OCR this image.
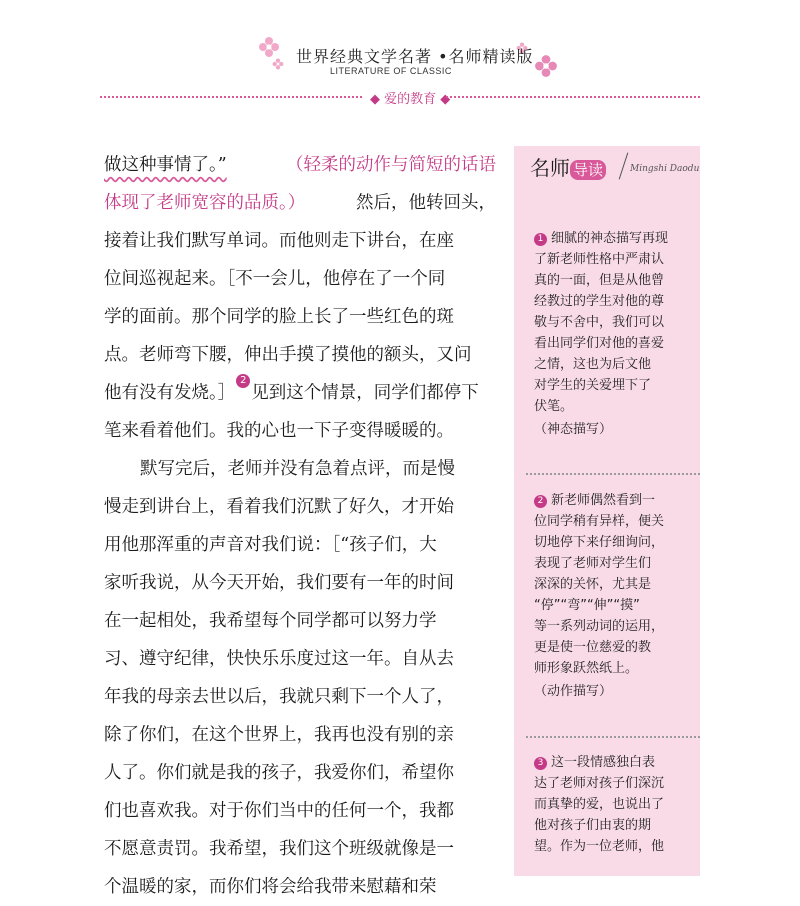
世界经典文学名著 •名师精读版
LITERATURE OF CLASSIC
◆ 爱的教育 ◆
做这种事情了。”	（轻柔的动作与简短的话语
体现了老师宽容的品质。）	然后，他转回头，
接着让我们默写单词。而他则走下讲台，在座
位间巡视起来。［不一会儿，他停在了一个同
学的面前。那个同学的脸上长了一些红色的斑
点。老师弯下腰，伸出手摸了摸他的额头，又问
他有没有发烧。］
2
见到这个情景，同学们都停下
笔来看着他们。我的心也一下子变得暖暖的。
默写完后，老师并没有急着点评，而是慢
慢走到讲台上，看着我们沉默了好久，才开始
用他那浑重的声音对我们说：［“孩子们，大
家听我说，从今天开始，我们要有一年的时间
在一起相处，我希望每个同学都可以努力学
习、遵守纪律，快快乐乐度过这一年。自从去
年我的母亲去世以后，我就只剩下一个人了，
除了你们，在这个世界上，我再也没有别的亲
人了。你们就是我的孩子，我爱你们，希望你
们也喜欢我。对于你们当中的任何一个，我都
不愿意责罚。我希望，我们这个班级就像是一
个温暖的家，而你们将会给我带来慰藉和荣
名师 导读	Mingshi Daodu
1 细腻的神态描写再现
了新老师性格中严肃认
真的一面，但是从他曾
经教过的学生对他的尊
敬与不舍中，我们可以
看出同学们对他的喜爱
之情，这也为后文他
对学生的关爱埋下了
伏笔。
（神态描写）
2 新老师偶然看到一
位同学稍有异样，便关
切地停下来仔细询问，
表现了老师对学生们
深深的关怀，尤其是
“停”“弯”“伸”“摸”
等一系列动词的运用，
更是使一位慈爱的教
师形象跃然纸上。
（动作描写）
3 这一段情感独白表
达了老师对孩子们深沉
而真挚的爱，也说出了
他对孩子们由衷的期
望。作为一位老师，他
